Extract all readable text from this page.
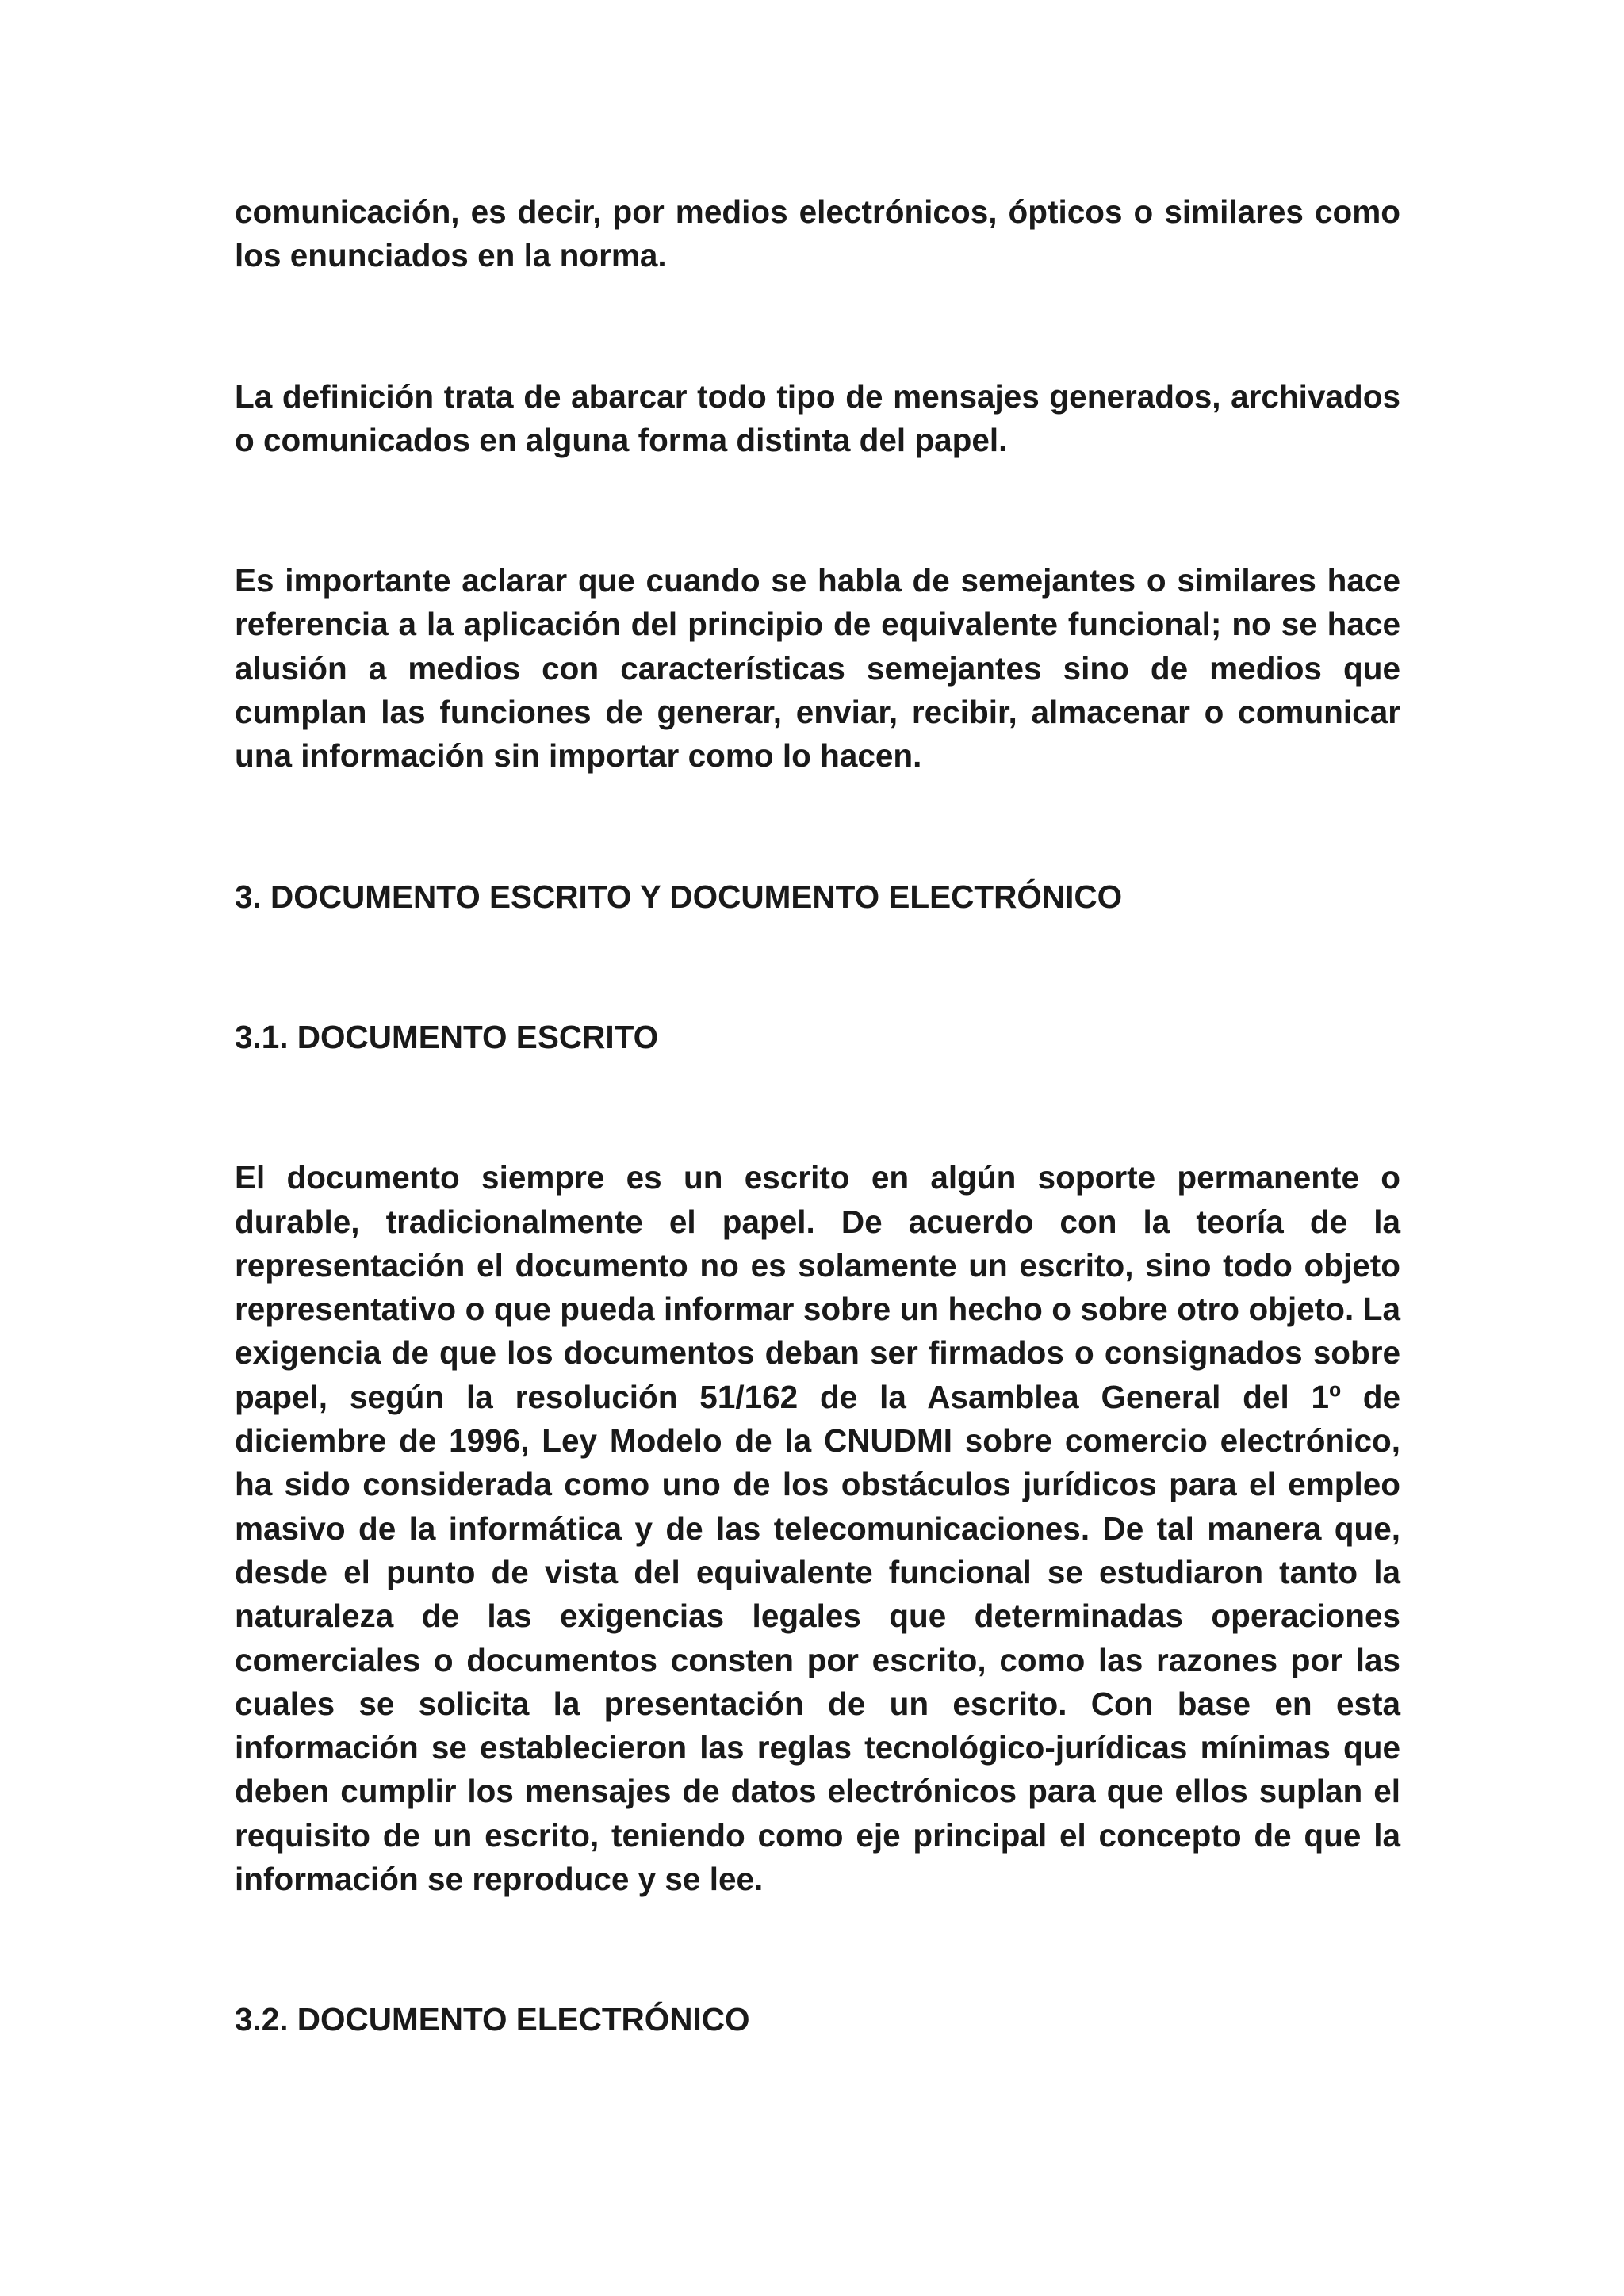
comunicación, es decir, por medios electrónicos, ópticos o similares como los enunciados en la norma.

La definición trata de abarcar todo tipo de mensajes generados, archivados o comunicados en alguna forma distinta del papel.

Es importante aclarar que cuando se habla de semejantes o similares hace referencia a la aplicación del principio de equivalente funcional; no se hace alusión a medios con características semejantes sino de medios que cumplan las funciones de generar, enviar, recibir, almacenar o comunicar una información sin importar como lo hacen.

3. DOCUMENTO ESCRITO Y DOCUMENTO ELECTRÓNICO

3.1. DOCUMENTO ESCRITO

El documento siempre es un escrito en algún soporte permanente o durable, tradicionalmente el papel. De acuerdo con la teoría de la representación el documento no es solamente un escrito, sino todo objeto representativo o que pueda informar sobre un hecho o sobre otro objeto. La exigencia de que los documentos deban ser firmados o consignados sobre papel, según la resolución 51/162 de la Asamblea General del 1º de diciembre de 1996, Ley Modelo de la CNUDMI sobre comercio electrónico, ha sido considerada como uno de los obstáculos jurídicos para el empleo masivo de la informática y de las telecomunicaciones. De tal manera que, desde el punto de vista del equivalente funcional se estudiaron tanto la naturaleza de las exigencias legales que determinadas operaciones comerciales o documentos consten por escrito, como las razones por las cuales se solicita la presentación de un escrito. Con base en esta información se establecieron las reglas tecnológico-jurídicas mínimas que deben cumplir los mensajes de datos electrónicos para que ellos suplan el requisito de un escrito, teniendo como eje principal el concepto de que la información se reproduce y se lee.

3.2. DOCUMENTO ELECTRÓNICO
